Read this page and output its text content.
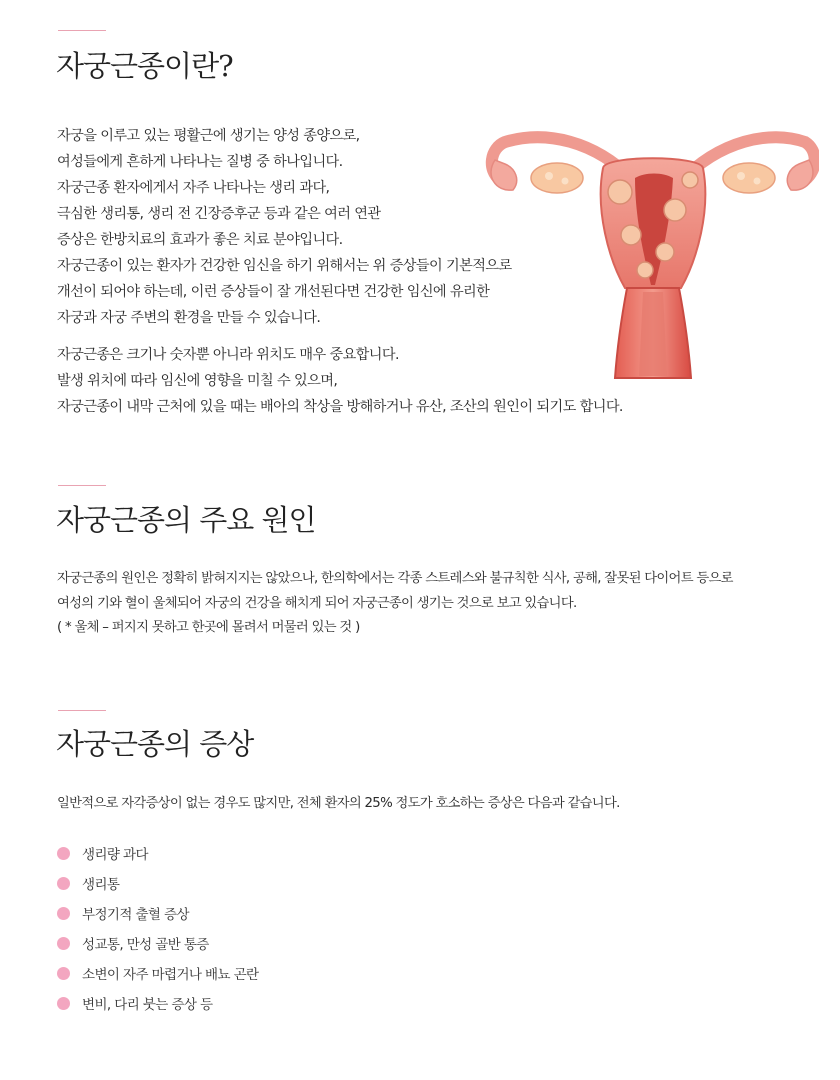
자궁근종이란?
자궁을 이루고 있는 평활근에 생기는 양성 종양으로,
여성들에게 흔하게 나타나는 질병 중 하나입니다.
자궁근종 환자에게서 자주 나타나는 생리 과다,
극심한 생리통, 생리 전 긴장증후군 등과 같은 여러 연관
증상은 한방치료의 효과가 좋은 치료 분야입니다.
자궁근종이 있는 환자가 건강한 임신을 하기 위해서는 위 증상들이 기본적으로
개선이 되어야 하는데, 이런 증상들이 잘 개선된다면 건강한 임신에 유리한
자궁과 자궁 주변의 환경을 만들 수 있습니다.
자궁근종은 크기나 숫자뿐 아니라 위치도 매우 중요합니다.
발생 위치에 따라 임신에 영향을 미칠 수 있으며,
자궁근종이 내막 근처에 있을 때는 배아의 착상을 방해하거나 유산, 조산의 원인이 되기도 합니다.
자궁근종의 주요 원인
자궁근종의 원인은 정확히 밝혀지지는 않았으나, 한의학에서는 각종 스트레스와 불규칙한 식사, 공해, 잘못된 다이어트 등으로
여성의 기와 혈이 울체되어 자궁의 건강을 해치게 되어 자궁근종이 생기는 것으로 보고 있습니다.
( * 울체 – 퍼지지 못하고 한곳에 몰려서 머물러 있는 것 )
자궁근종의 증상
일반적으로 자각증상이 없는 경우도 많지만, 전체 환자의 25% 정도가 호소하는 증상은 다음과 같습니다.
생리량 과다
생리통
부정기적 출혈 증상
성교통, 만성 골반 통증
소변이 자주 마렵거나 배뇨 곤란
변비, 다리 붓는 증상 등
